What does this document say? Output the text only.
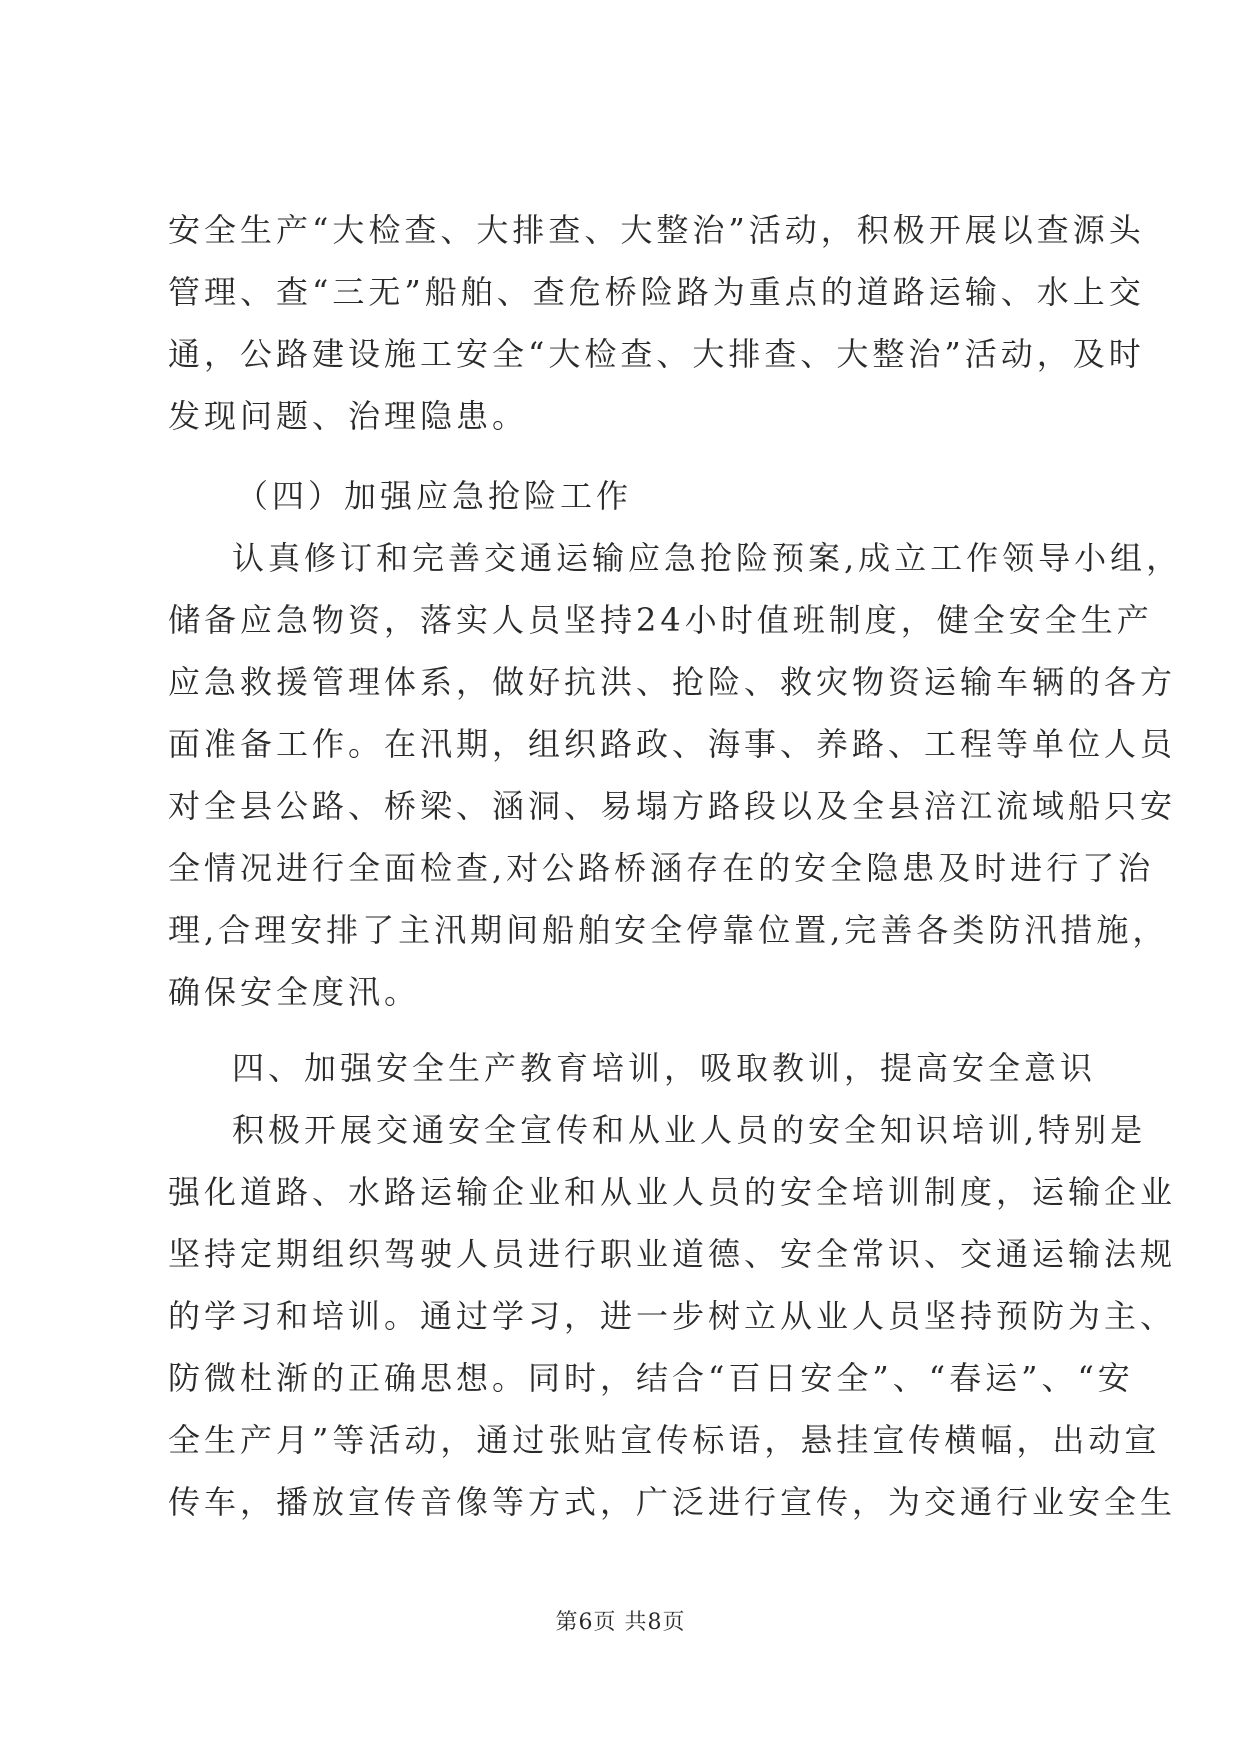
安全生产“大检查、大排查、大整治”活动，积极开展以查源头
管理、查“三无”船舶、查危桥险路为重点的道路运输、水上交
通，公路建设施工安全“大检查、大排查、大整治”活动，及时
发现问题、治理隐患。
（四）加强应急抢险工作
认真修订和完善交通运输应急抢险预案,成立工作领导小组，
储备应急物资，落实人员坚持24小时值班制度，健全安全生产
应急救援管理体系，做好抗洪、抢险、救灾物资运输车辆的各方
面准备工作。在汛期，组织路政、海事、养路、工程等单位人员
对全县公路、桥梁、涵洞、易塌方路段以及全县涪江流域船只安
全情况进行全面检查,对公路桥涵存在的安全隐患及时进行了治
理,合理安排了主汛期间船舶安全停靠位置,完善各类防汛措施，
确保安全度汛。
四、加强安全生产教育培训，吸取教训，提高安全意识
积极开展交通安全宣传和从业人员的安全知识培训,特别是
强化道路、水路运输企业和从业人员的安全培训制度，运输企业
坚持定期组织驾驶人员进行职业道德、安全常识、交通运输法规
的学习和培训。通过学习，进一步树立从业人员坚持预防为主、
防微杜渐的正确思想。同时，结合“百日安全”、“春运”、“安
全生产月”等活动，通过张贴宣传标语，悬挂宣传横幅，出动宣
传车，播放宣传音像等方式，广泛进行宣传，为交通行业安全生
第6页 共8页
